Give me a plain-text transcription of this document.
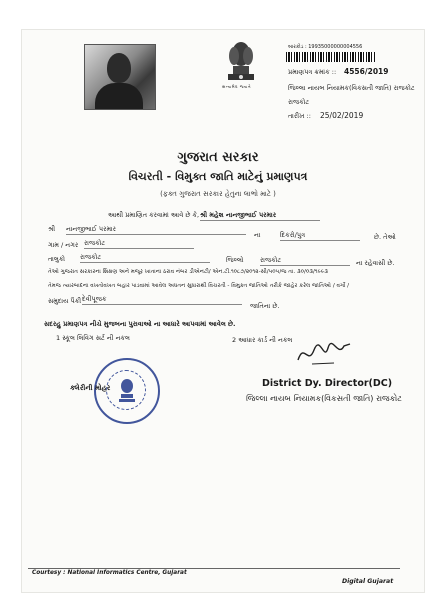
સત્યમેવ જયતે
બારકોડ : 19935000000004556
પ્રમાણપત્ર ક્રમાંક :: 4556/2019
જિલ્લા નાયબ નિયામક(વિકસતી જાતિ) રાજકોટ
રાજકોટ
તારીખ :: 25/02/2019
ગુજરાત સરકાર
વિચરતી - વિમુક્ત જાતિ માટેનું પ્રમાણપત્ર
(ફક્ત ગુજરાત સરકાર હેતુના લાભો માટે )
આથી પ્રમાણિત કરવામાં આવે છે કે, શ્રી મહેશ નાનજીભાઈ પરમાર
શ્રી નાનજીભાઈ પરમાર
ના	દિકરો/પુત્ર	છે. તેઓ
ગામ / નગર રાજકોટ
તાલુકો રાજકોટ	જિલ્લો	રાજકોટ	ના રહેવાસી છે.
તેઓ ગુજરાત સરકારના શિક્ષણ અને મજૂર ખાતાના ઠરાવ નંબર ડીએનટી/ એન.ટી.૧૦૮૭/૨૦૧૨-સી/૫૦૫/જ તા. ૩૦/૦૩/૧૯૯૩
તેમજ ત્યારબાદના વખતોવખત બહાર પાડવામાં આવેલ અધતન સુધારાથી વિચરતી - વિમુક્ત જાતિઓ તરીકે જાહેર કરેલ જાતિઓ / વર્ગો /
સમુદાય પૈકી દેવીપૂજક
જાતિના છે.
સદરહુ પ્રમાણપત્ર નીચે મુજબના પુરાવાઓ ના આધારે આપવામાં આવેલ છે.
1 સ્કૂલ લિવિંગ સર્ટ ની નકલ	2 આધાર કાર્ડ ની નકલ
ક્લેરીની મોહર	District Dy. Director(DC)
જિલ્લા નાયબ નિયામક(વિકસતી જાતિ) રાજકોટ
Courtesy : National Informatics Centre, Gujarat
Digital Gujarat
